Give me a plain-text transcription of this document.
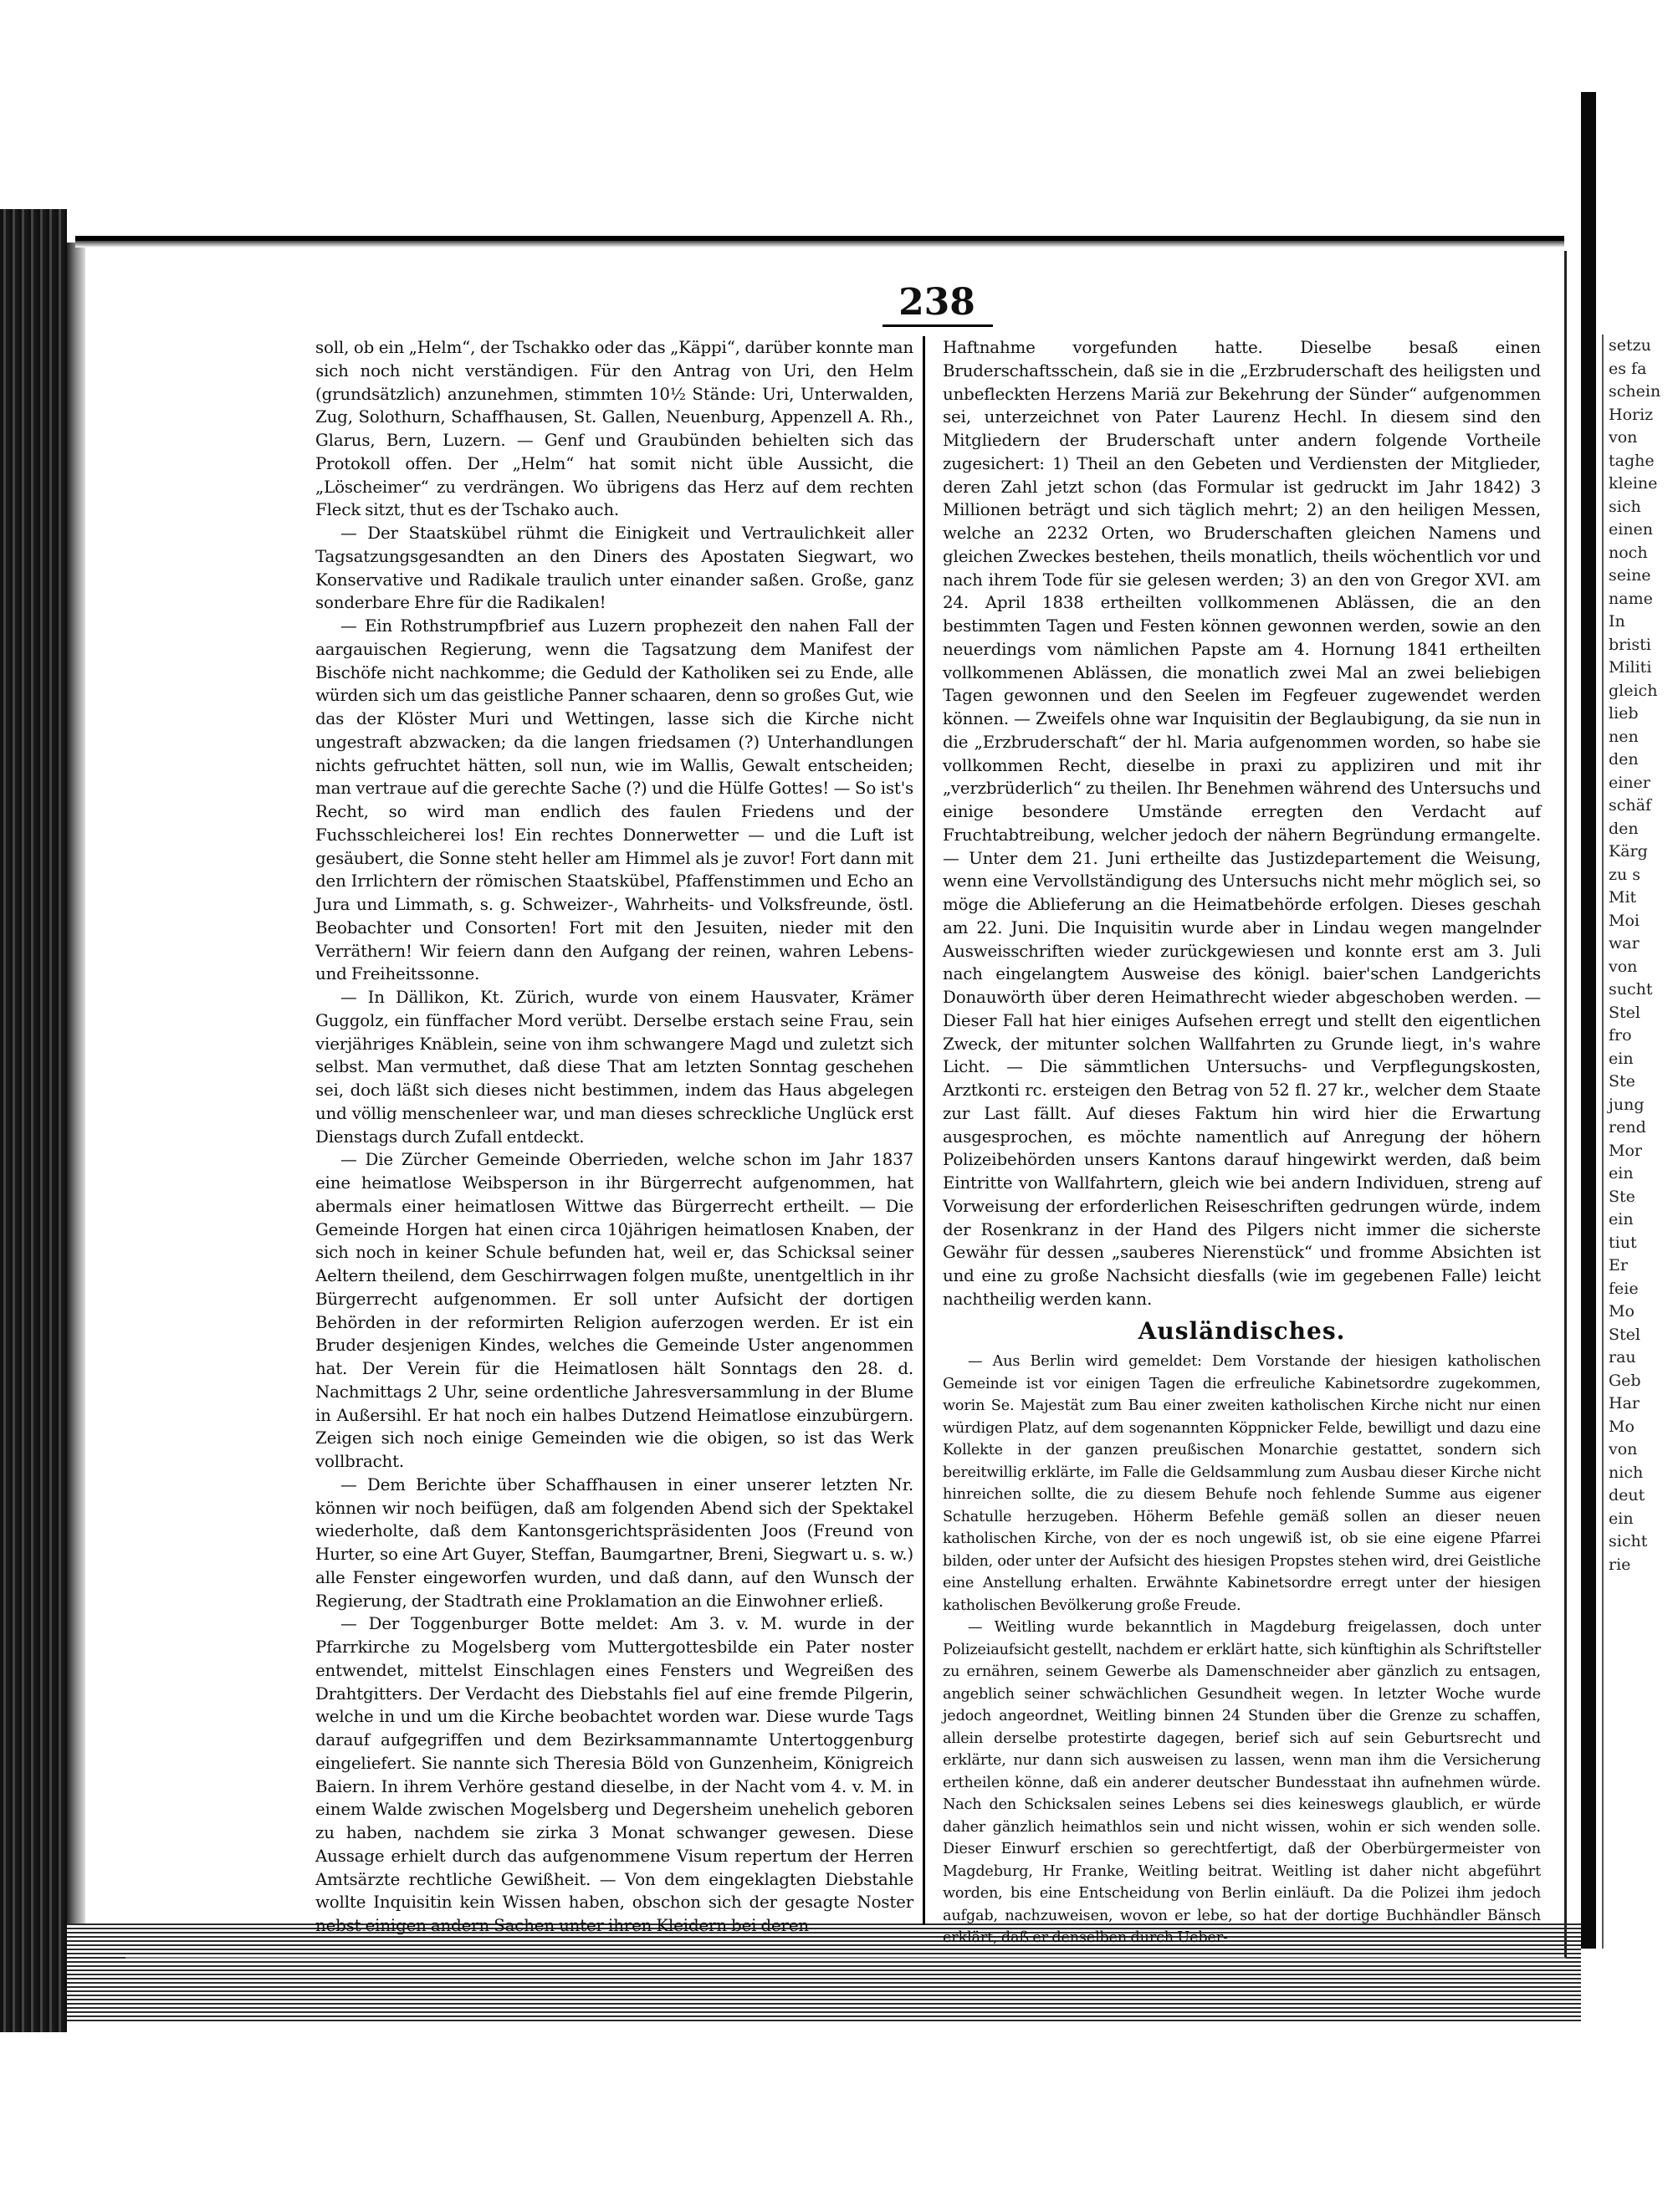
setzu
es fa
schein
Horiz
von
taghe
kleine
sich
einen
noch
seine
name
In
bristi
Militi
gleich
lieb
nen
den
einer
schäf
den
Kärg
zu s
Mit
Moi
war
von
sucht
Stel
fro
ein
Ste
jung
rend
Mor
ein
Ste
ein
tiut
Er
feie
Mo
Stel
rau
Geb
Har
Mo
von
nich
deut
ein
sicht
rie
238

soll, ob ein „Helm“, der Tschakko oder das „Käppi“, darüber konnte man sich noch nicht verständigen. Für den Antrag von Uri, den Helm (grundsätzlich) anzunehmen, stimmten 10½ Stände: Uri, Unterwalden, Zug, Solothurn, Schaffhausen, St. Gallen, Neuenburg, Appenzell A. Rh., Glarus, Bern, Luzern. — Genf und Graubünden behielten sich das Protokoll offen. Der „Helm“ hat somit nicht üble Aussicht, die „Löscheimer“ zu verdrängen. Wo übrigens das Herz auf dem rechten Fleck sitzt, thut es der Tschako auch.

— Der Staatskübel rühmt die Einigkeit und Vertraulichkeit aller Tagsatzungsgesandten an den Diners des Apostaten Siegwart, wo Konservative und Radikale traulich unter einander saßen. Große, ganz sonderbare Ehre für die Radikalen!

— Ein Rothstrumpfbrief aus Luzern prophezeit den nahen Fall der aargauischen Regierung, wenn die Tagsatzung dem Manifest der Bischöfe nicht nachkomme; die Geduld der Katholiken sei zu Ende, alle würden sich um das geistliche Panner schaaren, denn so großes Gut, wie das der Klöster Muri und Wettingen, lasse sich die Kirche nicht ungestraft abzwacken; da die langen friedsamen (?) Unterhandlungen nichts gefruchtet hätten, soll nun, wie im Wallis, Gewalt entscheiden; man vertraue auf die gerechte Sache (?) und die Hülfe Gottes! — So ist's Recht, so wird man endlich des faulen Friedens und der Fuchsschleicherei los! Ein rechtes Donnerwetter — und die Luft ist gesäubert, die Sonne steht heller am Himmel als je zuvor! Fort dann mit den Irrlichtern der römischen Staatskübel, Pfaffenstimmen und Echo an Jura und Limmath, s. g. Schweizer-, Wahrheits- und Volksfreunde, östl. Beobachter und Consorten! Fort mit den Jesuiten, nieder mit den Verräthern! Wir feiern dann den Aufgang der reinen, wahren Lebens- und Freiheitssonne.

— In Dällikon, Kt. Zürich, wurde von einem Hausvater, Krämer Guggolz, ein fünffacher Mord verübt. Derselbe erstach seine Frau, sein vierjähriges Knäblein, seine von ihm schwangere Magd und zuletzt sich selbst. Man vermuthet, daß diese That am letzten Sonntag geschehen sei, doch läßt sich dieses nicht bestimmen, indem das Haus abgelegen und völlig menschenleer war, und man dieses schreckliche Unglück erst Dienstags durch Zufall entdeckt.

— Die Zürcher Gemeinde Oberrieden, welche schon im Jahr 1837 eine heimatlose Weibsperson in ihr Bürgerrecht aufgenommen, hat abermals einer heimatlosen Wittwe das Bürgerrecht ertheilt. — Die Gemeinde Horgen hat einen circa 10jährigen heimatlosen Knaben, der sich noch in keiner Schule befunden hat, weil er, das Schicksal seiner Aeltern theilend, dem Geschirrwagen folgen mußte, unentgeltlich in ihr Bürgerrecht aufgenommen. Er soll unter Aufsicht der dortigen Behörden in der reformirten Religion auferzogen werden. Er ist ein Bruder desjenigen Kindes, welches die Gemeinde Uster angenommen hat. Der Verein für die Heimatlosen hält Sonntags den 28. d. Nachmittags 2 Uhr, seine ordentliche Jahresversammlung in der Blume in Außersihl. Er hat noch ein halbes Dutzend Heimatlose einzubürgern. Zeigen sich noch einige Gemeinden wie die obigen, so ist das Werk vollbracht.

— Dem Berichte über Schaffhausen in einer unserer letzten Nr. können wir noch beifügen, daß am folgenden Abend sich der Spektakel wiederholte, daß dem Kantonsgerichtspräsidenten Joos (Freund von Hurter, so eine Art Guyer, Steffan, Baumgartner, Breni, Siegwart u. s. w.) alle Fenster eingeworfen wurden, und daß dann, auf den Wunsch der Regierung, der Stadtrath eine Proklamation an die Einwohner erließ.

— Der Toggenburger Botte meldet: Am 3. v. M. wurde in der Pfarrkirche zu Mogelsberg vom Muttergottesbilde ein Pater noster entwendet, mittelst Einschlagen eines Fensters und Wegreißen des Drahtgitters. Der Verdacht des Diebstahls fiel auf eine fremde Pilgerin, welche in und um die Kirche beobachtet worden war. Diese wurde Tags darauf aufgegriffen und dem Bezirksammannamte Untertoggenburg eingeliefert. Sie nannte sich Theresia Böld von Gunzenheim, Königreich Baiern. In ihrem Verhöre gestand dieselbe, in der Nacht vom 4. v. M. in einem Walde zwischen Mogelsberg und Degersheim unehelich geboren zu haben, nachdem sie zirka 3 Monat schwanger gewesen. Diese Aussage erhielt durch das aufgenommene Visum repertum der Herren Amtsärzte rechtliche Gewißheit. — Von dem eingeklagten Diebstahle wollte Inquisitin kein Wissen haben, obschon sich der gesagte Noster nebst einigen andern Sachen unter ihren Kleidern bei deren

Haftnahme vorgefunden hatte. Dieselbe besaß einen Bruderschaftsschein, daß sie in die „Erzbruderschaft des heiligsten und unbefleckten Herzens Mariä zur Bekehrung der Sünder“ aufgenommen sei, unterzeichnet von Pater Laurenz Hechl. In diesem sind den Mitgliedern der Bruderschaft unter andern folgende Vortheile zugesichert: 1) Theil an den Gebeten und Verdiensten der Mitglieder, deren Zahl jetzt schon (das Formular ist gedruckt im Jahr 1842) 3 Millionen beträgt und sich täglich mehrt; 2) an den heiligen Messen, welche an 2232 Orten, wo Bruderschaften gleichen Namens und gleichen Zweckes bestehen, theils monatlich, theils wöchentlich vor und nach ihrem Tode für sie gelesen werden; 3) an den von Gregor XVI. am 24. April 1838 ertheilten vollkommenen Ablässen, die an den bestimmten Tagen und Festen können gewonnen werden, sowie an den neuerdings vom nämlichen Papste am 4. Hornung 1841 ertheilten vollkommenen Ablässen, die monatlich zwei Mal an zwei beliebigen Tagen gewonnen und den Seelen im Fegfeuer zugewendet werden können. — Zweifels ohne war Inquisitin der Beglaubigung, da sie nun in die „Erzbruderschaft“ der hl. Maria aufgenommen worden, so habe sie vollkommen Recht, dieselbe in praxi zu appliziren und mit ihr „verzbrüderlich“ zu theilen. Ihr Benehmen während des Untersuchs und einige besondere Umstände erregten den Verdacht auf Fruchtabtreibung, welcher jedoch der nähern Begründung ermangelte. — Unter dem 21. Juni ertheilte das Justizdepartement die Weisung, wenn eine Vervollständigung des Untersuchs nicht mehr möglich sei, so möge die Ablieferung an die Heimatbehörde erfolgen. Dieses geschah am 22. Juni. Die Inquisitin wurde aber in Lindau wegen mangelnder Ausweisschriften wieder zurückgewiesen und konnte erst am 3. Juli nach eingelangtem Ausweise des königl. baier'schen Landgerichts Donauwörth über deren Heimathrecht wieder abgeschoben werden. — Dieser Fall hat hier einiges Aufsehen erregt und stellt den eigentlichen Zweck, der mitunter solchen Wallfahrten zu Grunde liegt, in's wahre Licht. — Die sämmtlichen Untersuchs- und Verpflegungskosten, Arztkonti rc. ersteigen den Betrag von 52 fl. 27 kr., welcher dem Staate zur Last fällt. Auf dieses Faktum hin wird hier die Erwartung ausgesprochen, es möchte namentlich auf Anregung der höhern Polizeibehörden unsers Kantons darauf hingewirkt werden, daß beim Eintritte von Wallfahrtern, gleich wie bei andern Individuen, streng auf Vorweisung der erforderlichen Reiseschriften gedrungen würde, indem der Rosenkranz in der Hand des Pilgers nicht immer die sicherste Gewähr für dessen „sauberes Nierenstück“ und fromme Absichten ist und eine zu große Nachsicht diesfalls (wie im gegebenen Falle) leicht nachtheilig werden kann.

Ausländisches.

— Aus Berlin wird gemeldet: Dem Vorstande der hiesigen katholischen Gemeinde ist vor einigen Tagen die erfreuliche Kabinetsordre zugekommen, worin Se. Majestät zum Bau einer zweiten katholischen Kirche nicht nur einen würdigen Platz, auf dem sogenannten Köppnicker Felde, bewilligt und dazu eine Kollekte in der ganzen preußischen Monarchie gestattet, sondern sich bereitwillig erklärte, im Falle die Geldsammlung zum Ausbau dieser Kirche nicht hinreichen sollte, die zu diesem Behufe noch fehlende Summe aus eigener Schatulle herzugeben. Höherm Befehle gemäß sollen an dieser neuen katholischen Kirche, von der es noch ungewiß ist, ob sie eine eigene Pfarrei bilden, oder unter der Aufsicht des hiesigen Propstes stehen wird, drei Geistliche eine Anstellung erhalten. Erwähnte Kabinetsordre erregt unter der hiesigen katholischen Bevölkerung große Freude.

— Weitling wurde bekanntlich in Magdeburg freigelassen, doch unter Polizeiaufsicht gestellt, nachdem er erklärt hatte, sich künftighin als Schriftsteller zu ernähren, seinem Gewerbe als Damenschneider aber gänzlich zu entsagen, angeblich seiner schwächlichen Gesundheit wegen. In letzter Woche wurde jedoch angeordnet, Weitling binnen 24 Stunden über die Grenze zu schaffen, allein derselbe protestirte dagegen, berief sich auf sein Geburtsrecht und erklärte, nur dann sich ausweisen zu lassen, wenn man ihm die Versicherung ertheilen könne, daß ein anderer deutscher Bundesstaat ihn aufnehmen würde. Nach den Schicksalen seines Lebens sei dies keineswegs glaublich, er würde daher gänzlich heimathlos sein und nicht wissen, wohin er sich wenden solle. Dieser Einwurf erschien so gerechtfertigt, daß der Oberbürgermeister von Magdeburg, Hr Franke, Weitling beitrat. Weitling ist daher nicht abgeführt worden, bis eine Entscheidung von Berlin einläuft. Da die Polizei ihm jedoch aufgab, nachzuweisen, wovon er lebe, so hat der dortige Buchhändler Bänsch erklärt, daß er denselben durch Ueber-
